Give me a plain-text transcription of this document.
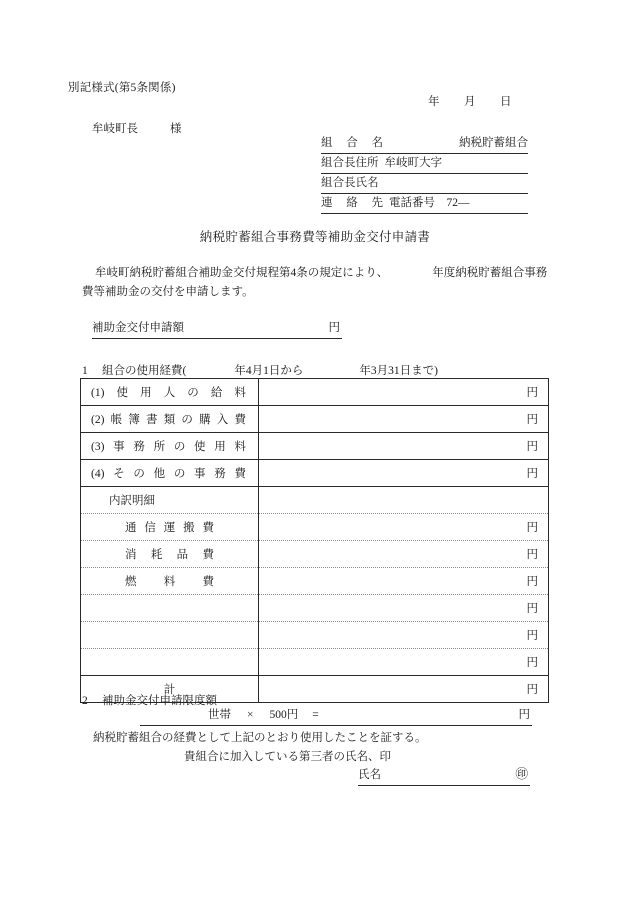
別記様式(第5条関係)
年 月 日
牟岐町長	様
組合名	納税貯蓄組合
組合長住所 牟岐町大字
組合長氏名
連絡先 電話番号　72—
納税貯蓄組合事務費等補助金交付申請書
牟岐町納税貯蓄組合補助金交付規程第4条の規定により、	年度納税貯蓄組合事務費等補助金の交付を申請します。
補助金交付申請額	円
1 組合の使用経費(	年4月1日から	年3月31日まで)
(1)使用人の給料	円

(2)帳簿書類の購入費	円

(3)事務所の使用料	円

(4)その他の事務費	円

内訳明細	

通信運搬費	円

消耗品費	円

燃料費	円

	円

	円

	円

計	円
2 補助金交付申請限度額
世帯 × 500円 =	円
納税貯蓄組合の経費として上記のとおり使用したことを証する。
貴組合に加入している第三者の氏名、印
氏名	㊞
